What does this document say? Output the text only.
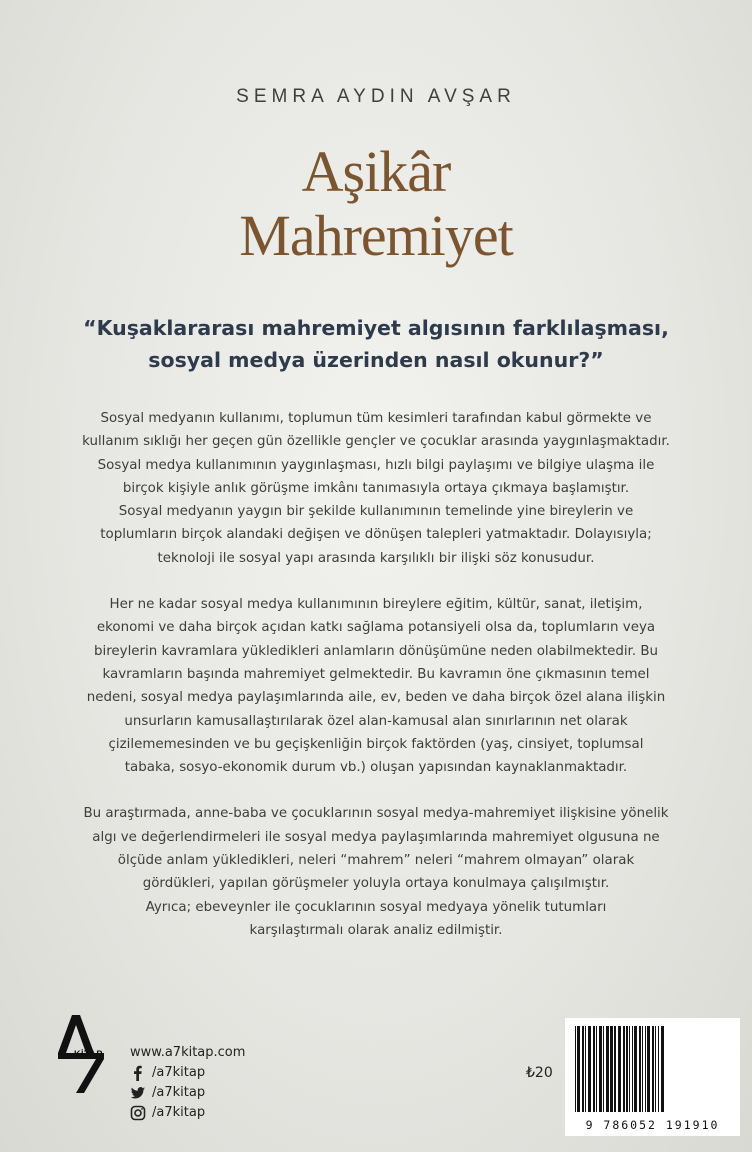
SEMRA AYDIN AVŞAR
Aşikâr
Mahremiyet
“Kuşaklararası mahremiyet algısının farklılaşması,
sosyal medya üzerinden nasıl okunur?”

Sosyal medyanın kullanımı, toplumun tüm kesimleri tarafından kabul görmekte ve
kullanım sıklığı her geçen gün özellikle gençler ve çocuklar arasında yaygınlaşmaktadır.
Sosyal medya kullanımının yaygınlaşması, hızlı bilgi paylaşımı ve bilgiye ulaşma ile
birçok kişiyle anlık görüşme imkânı tanımasıyla ortaya çıkmaya başlamıştır.
Sosyal medyanın yaygın bir şekilde kullanımının temelinde yine bireylerin ve
toplumların birçok alandaki değişen ve dönüşen talepleri yatmaktadır. Dolayısıyla;
teknoloji ile sosyal yapı arasında karşılıklı bir ilişki söz konusudur.

Her ne kadar sosyal medya kullanımının bireylere eğitim, kültür, sanat, iletişim,
ekonomi ve daha birçok açıdan katkı sağlama potansiyeli olsa da, toplumların veya
bireylerin kavramlara yükledikleri anlamların dönüşümüne neden olabilmektedir. Bu
kavramların başında mahremiyet gelmektedir. Bu kavramın öne çıkmasının temel
nedeni, sosyal medya paylaşımlarında aile, ev, beden ve daha birçok özel alana ilişkin
unsurların kamusallaştırılarak özel alan-kamusal alan sınırlarının net olarak
çizilememesinden ve bu geçişkenliğin birçok faktörden (yaş, cinsiyet, toplumsal
tabaka, sosyo-ekonomik durum vb.) oluşan yapısından kaynaklanmaktadır.

Bu araştırmada, anne-baba ve çocuklarının sosyal medya-mahremiyet ilişkisine yönelik
algı ve değerlendirmeleri ile sosyal medya paylaşımlarında mahremiyet olgusuna ne
ölçüde anlam yükledikleri, neleri “mahrem” neleri “mahrem olmayan” olarak
gördükleri, yapılan görüşmeler yoluyla ortaya konulmaya çalışılmıştır.
Ayrıca; ebeveynler ile çocuklarının sosyal medyaya yönelik tutumları
karşılaştırmalı olarak analiz edilmiştir.

KİTAP www.a7kitap.com
/a7kitap
/a7kitap
/a7kitap
₺20
9 786052 191910
